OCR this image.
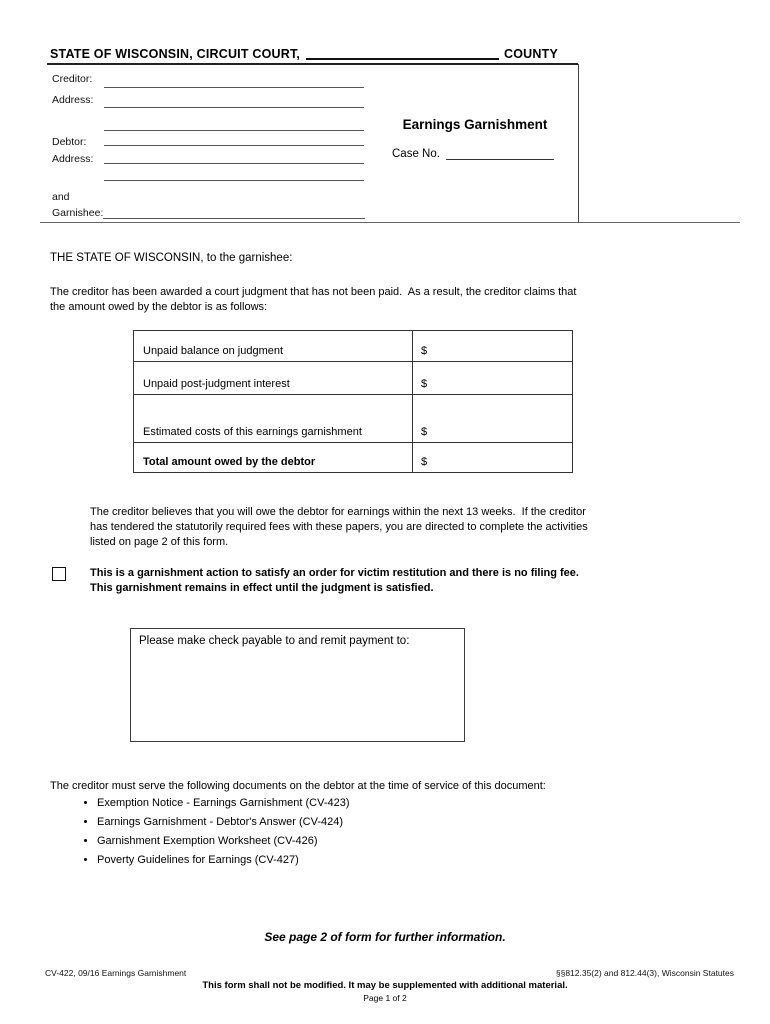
STATE OF WISCONSIN, CIRCUIT COURT,	COUNTY
Creditor:
Address:
Debtor:
Address:
and
Garnishee:
Earnings Garnishment
Case No.
THE STATE OF WISCONSIN, to the garnishee:
The creditor has been awarded a court judgment that has not been paid.  As a result, the creditor claims that
the amount owed by the debtor is as follows:
Unpaid balance on judgment	$
Unpaid post-judgment interest	$
Estimated costs of this earnings garnishment	$
Total amount owed by the debtor	$
The creditor believes that you will owe the debtor for earnings within the next 13 weeks.  If the creditor
has tendered the statutorily required fees with these papers, you are directed to complete the activities
listed on page 2 of this form.
This is a garnishment action to satisfy an order for victim restitution and there is no filing fee.
This garnishment remains in effect until the judgment is satisfied.
Please make check payable to and remit payment to:
The creditor must serve the following documents on the debtor at the time of service of this document:
• Exemption Notice - Earnings Garnishment (CV-423)
• Earnings Garnishment - Debtor's Answer (CV-424)
• Garnishment Exemption Worksheet (CV-426)
• Poverty Guidelines for Earnings (CV-427)
See page 2 of form for further information.
CV-422, 09/16 Earnings Garnishment	§§812.35(2) and 812.44(3), Wisconsin Statutes
This form shall not be modified. It may be supplemented with additional material.
Page 1 of 2
